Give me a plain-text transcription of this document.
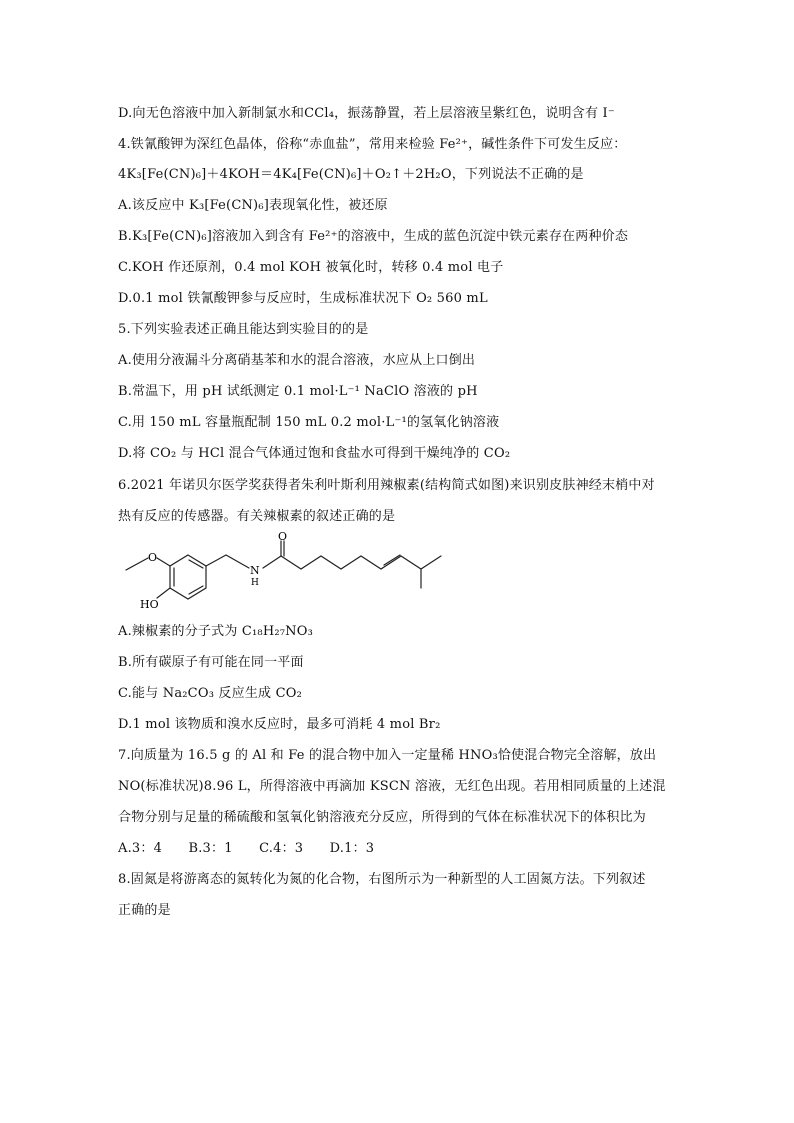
D.向无色溶液中加入新制氯水和CCl₄，振荡静置，若上层溶液呈紫红色，说明含有 I⁻
4.铁氰酸钾为深红色晶体，俗称“赤血盐”，常用来检验 Fe²⁺，碱性条件下可发生反应：
4K₃[Fe(CN)₆]＋4KOH＝4K₄[Fe(CN)₆]＋O₂↑＋2H₂O，下列说法不正确的是
A.该反应中 K₃[Fe(CN)₆]表现氧化性，被还原
B.K₃[Fe(CN)₆]溶液加入到含有 Fe²⁺的溶液中，生成的蓝色沉淀中铁元素存在两种价态
C.KOH 作还原剂，0.4 mol KOH 被氧化时，转移 0.4 mol 电子
D.0.1 mol 铁氰酸钾参与反应时，生成标准状况下 O₂ 560 mL
5.下列实验表述正确且能达到实验目的的是
A.使用分液漏斗分离硝基苯和水的混合溶液，水应从上口倒出
B.常温下，用 pH 试纸测定 0.1 mol·L⁻¹ NaClO 溶液的 pH
C.用 150 mL 容量瓶配制 150 mL 0.2 mol·L⁻¹的氢氧化钠溶液
D.将 CO₂ 与 HCl 混合气体通过饱和食盐水可得到干燥纯净的 CO₂
6.2021 年诺贝尔医学奖获得者朱利叶斯利用辣椒素(结构简式如图)来识别皮肤神经末梢中对
热有反应的传感器。有关辣椒素的叙述正确的是
O
O
N
H
HO
A.辣椒素的分子式为 C₁₈H₂₇NO₃
B.所有碳原子有可能在同一平面
C.能与 Na₂CO₃ 反应生成 CO₂
D.1 mol 该物质和溴水反应时，最多可消耗 4 mol Br₂
7.向质量为 16.5 g 的 Al 和 Fe 的混合物中加入一定量稀 HNO₃恰使混合物完全溶解，放出
NO(标准状况)8.96 L，所得溶液中再滴加 KSCN 溶液，无红色出现。若用相同质量的上述混
合物分别与足量的稀硫酸和氢氧化钠溶液充分反应，所得到的气体在标准状况下的体积比为
A.3：4　　B.3：1　　C.4：3　　D.1：3
8.固氮是将游离态的氮转化为氮的化合物，右图所示为一种新型的人工固氮方法。下列叙述
正确的是
